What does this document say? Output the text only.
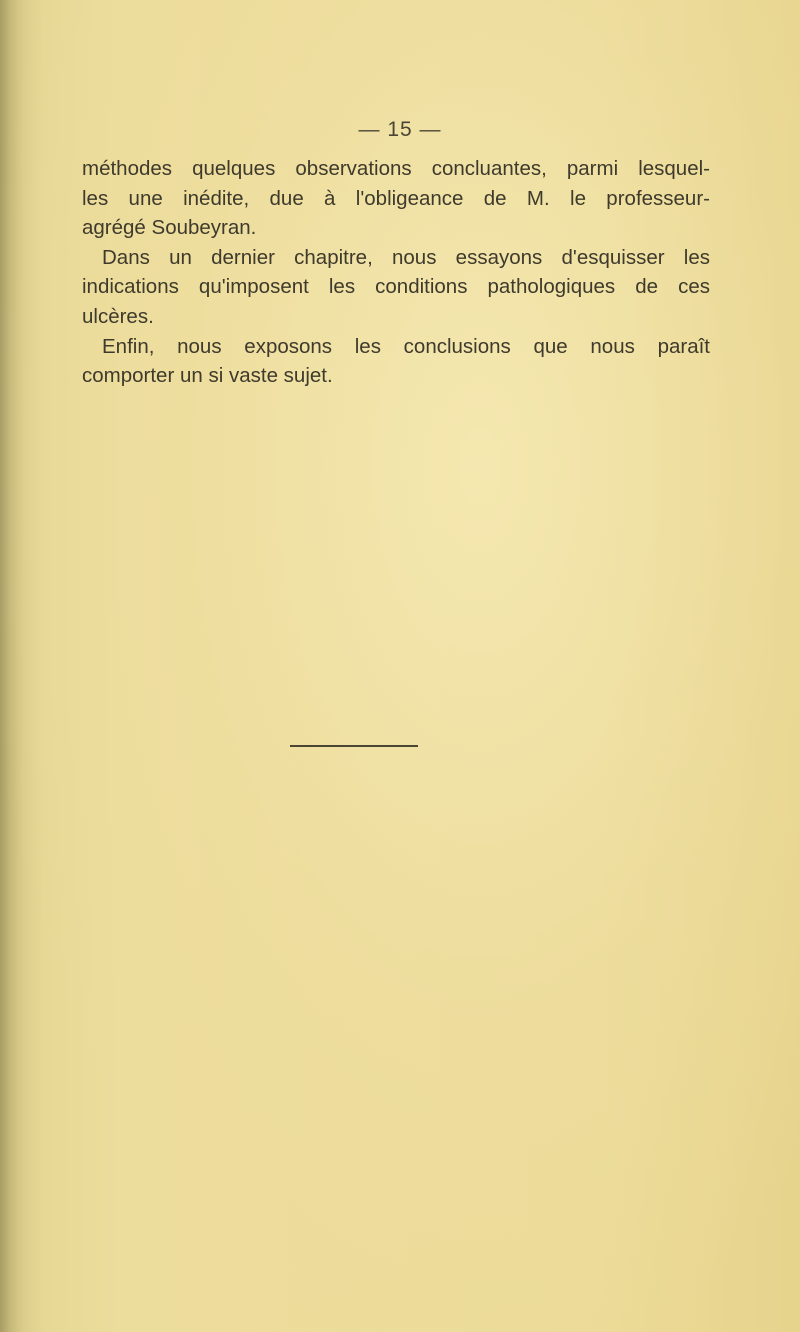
— 15 —
méthodes quelques observations concluantes, parmi lesquel-
les une inédite, due à l'obligeance de M. le professeur-
agrégé Soubeyran.
Dans un dernier chapitre, nous essayons d'esquisser les
indications qu'imposent les conditions pathologiques de ces
ulcères.
Enfin, nous exposons les conclusions que nous paraît
comporter un si vaste sujet.
